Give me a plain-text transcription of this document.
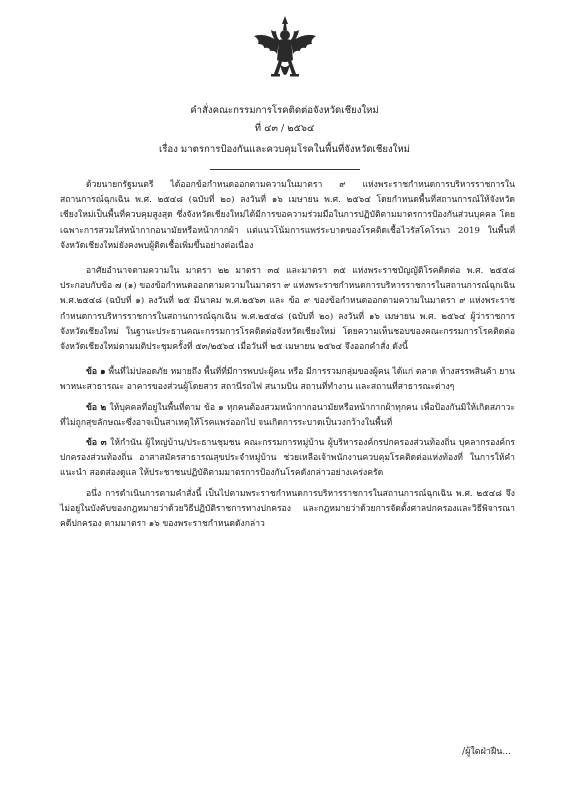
คำสั่งคณะกรรมการโรคติดต่อจังหวัดเชียงใหม่
ที่ ๔๓ / ๒๕๖๔
เรื่อง มาตรการป้องกันและควบคุมโรคในพื้นที่จังหวัดเชียงใหม่

ด้วยนายกรัฐมนตรี ได้ออกข้อกำหนดออกตามความในมาตรา ๙ แห่งพระราชกำหนดการบริหารราชการในสถานการณ์ฉุกเฉิน พ.ศ. ๒๕๔๘ (ฉบับที่ ๒๐) ลงวันที่ ๑๖ เมษายน พ.ศ. ๒๕๖๔ โดยกำหนดพื้นที่สถานการณ์ให้จังหวัดเชียงใหม่เป็นพื้นที่ควบคุมสูงสุด ซึ่งจังหวัดเชียงใหม่ได้มีการขอความร่วมมือในการปฏิบัติตามมาตรการป้องกันส่วนบุคคล โดยเฉพาะการสวมใส่หน้ากากอนามัยหรือหน้ากากผ้า แต่แนวโน้มการแพร่ระบาดของโรคติดเชื้อไวรัสโคโรนา 2019 ในพื้นที่จังหวัดเชียงใหม่ยังคงพบผู้ติดเชื้อเพิ่มขึ้นอย่างต่อเนื่อง

อาศัยอำนาจตามความใน มาตรา ๒๒ มาตรา ๓๔ และมาตรา ๓๕ แห่งพระราชบัญญัติโรคติดต่อ พ.ศ. ๒๕๕๘ ประกอบกับข้อ ๗ (๑) ของข้อกำหนดออกตามความในมาตรา ๙ แห่งพระราชกำหนดการบริหารราชการในสถานการณ์ฉุกเฉิน พ.ศ.๒๕๔๘ (ฉบับที่ ๑) ลงวันที่ ๒๕ มีนาคม พ.ศ.๒๕๖๓ และ ข้อ ๙ ของข้อกำหนดออกตามความในมาตรา ๙ แห่งพระราชกำหนดการบริหารราชการในสถานการณ์ฉุกเฉิน พ.ศ.๒๕๔๘ (ฉบับที่ ๒๐) ลงวันที่ ๑๖ เมษายน พ.ศ. ๒๕๖๔ ผู้ว่าราชการจังหวัดเชียงใหม่ ในฐานะประธานคณะกรรมการโรคติดต่อจังหวัดเชียงใหม่ โดยความเห็นชอบของคณะกรรมการโรคติดต่อจังหวัดเชียงใหม่ตามมติประชุมครั้งที่ ๕๓/๒๕๖๔ เมื่อวันที่ ๒๕ เมษายน ๒๕๖๔ จึงออกคำสั่ง ดังนี้

ข้อ ๑ พื้นที่ไม่ปลอดภัย หมายถึง พื้นที่ที่มีการพบปะผู้คน หรือ มีการรวมกลุ่มของผู้คน ได้แก่ ตลาด ห้างสรรพสินค้า ยานพาหนะสาธารณะ อาคารของส่วนผู้โดยสาร สถานีรถไฟ สนามบิน สถานที่ทำงาน และสถานที่สาธารณะต่างๆ

ข้อ ๒ ให้บุคคลที่อยู่ในพื้นที่ตาม ข้อ ๑ ทุกคนต้องสวมหน้ากากอนามัยหรือหน้ากากผ้าทุกคน เพื่อป้องกันมิให้เกิดสภาวะที่ไม่ถูกสุขลักษณะซึ่งอาจเป็นสาเหตุให้โรคแพร่ออกไป จนเกิดการระบาดเป็นวงกว้างในพื้นที่

ข้อ ๓ ให้กำนัน ผู้ใหญ่บ้าน/ประธานชุมชน คณะกรรมการหมู่บ้าน ผู้บริหารองค์กรปกครองส่วนท้องถิ่น บุคลากรองค์กรปกครองส่วนท้องถิ่น อาสาสมัครสาธารณสุขประจำหมู่บ้าน ช่วยเหลือเจ้าพนักงานควบคุมโรคติดต่อแห่งท้องที่ ในการให้คำแนะนำ สอดส่องดูแล ให้ประชาชนปฏิบัติตามมาตรการป้องกันโรคดังกล่าวอย่างเคร่งครัด

อนึ่ง การดำเนินการตามคำสั่งนี้ เป็นไปตามพระราชกำหนดการบริหารราชการในสถานการณ์ฉุกเฉิน พ.ศ. ๒๕๔๘ จึงไม่อยู่ในบังคับของกฎหมายว่าด้วยวิธีปฏิบัติราชการทางปกครอง และกฎหมายว่าด้วยการจัดตั้งศาลปกครองและวิธีพิจารณาคดีปกครอง ตามมาตรา ๑๖ ของพระราชกำหนดดังกล่าว

/ผู้ใดฝ่าฝืน...
